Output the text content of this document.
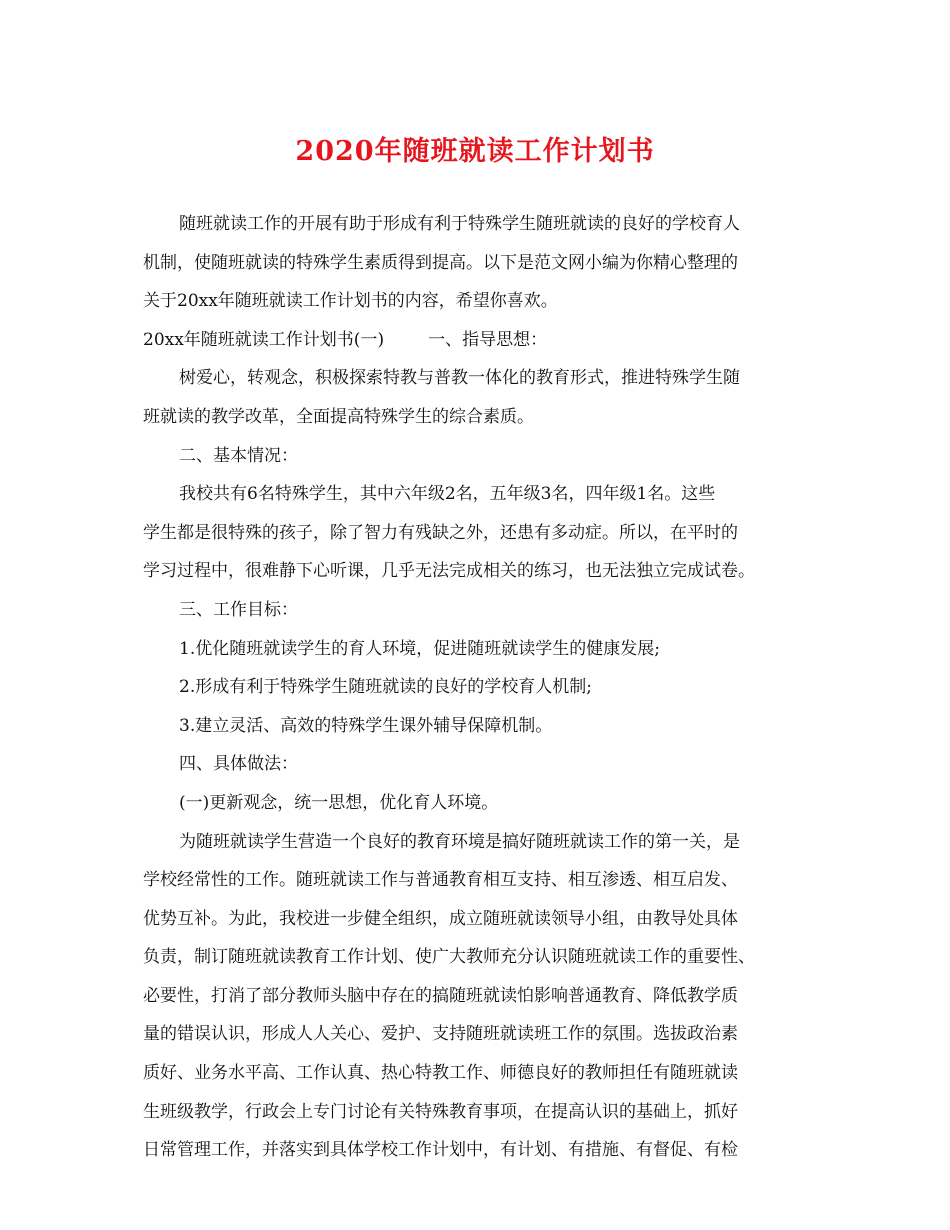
2020年随班就读工作计划书
随班就读工作的开展有助于形成有利于特殊学生随班就读的良好的学校育人
机制，使随班就读的特殊学生素质得到提高。以下是范文网小编为你精心整理的
关于20xx年随班就读工作计划书的内容，希望你喜欢。
20xx年随班就读工作计划书(一)	一、指导思想：
树爱心，转观念，积极探索特教与普教一体化的教育形式，推进特殊学生随
班就读的教学改革，全面提高特殊学生的综合素质。
二、基本情况：
我校共有6名特殊学生，其中六年级2名，五年级3名，四年级1名。这些
学生都是很特殊的孩子，除了智力有残缺之外，还患有多动症。所以，在平时的
学习过程中，很难静下心听课，几乎无法完成相关的练习，也无法独立完成试卷。
三、工作目标：
1.优化随班就读学生的育人环境，促进随班就读学生的健康发展;
2.形成有利于特殊学生随班就读的良好的学校育人机制;
3.建立灵活、高效的特殊学生课外辅导保障机制。
四、具体做法：
(一)更新观念，统一思想，优化育人环境。
为随班就读学生营造一个良好的教育环境是搞好随班就读工作的第一关，是
学校经常性的工作。随班就读工作与普通教育相互支持、相互渗透、相互启发、
优势互补。为此，我校进一步健全组织，成立随班就读领导小组，由教导处具体
负责，制订随班就读教育工作计划、使广大教师充分认识随班就读工作的重要性、
必要性，打消了部分教师头脑中存在的搞随班就读怕影响普通教育、降低教学质
量的错误认识，形成人人关心、爱护、支持随班就读班工作的氛围。选拔政治素
质好、业务水平高、工作认真、热心特教工作、师德良好的教师担任有随班就读
生班级教学，行政会上专门讨论有关特殊教育事项，在提高认识的基础上，抓好
日常管理工作，并落实到具体学校工作计划中，有计划、有措施、有督促、有检
